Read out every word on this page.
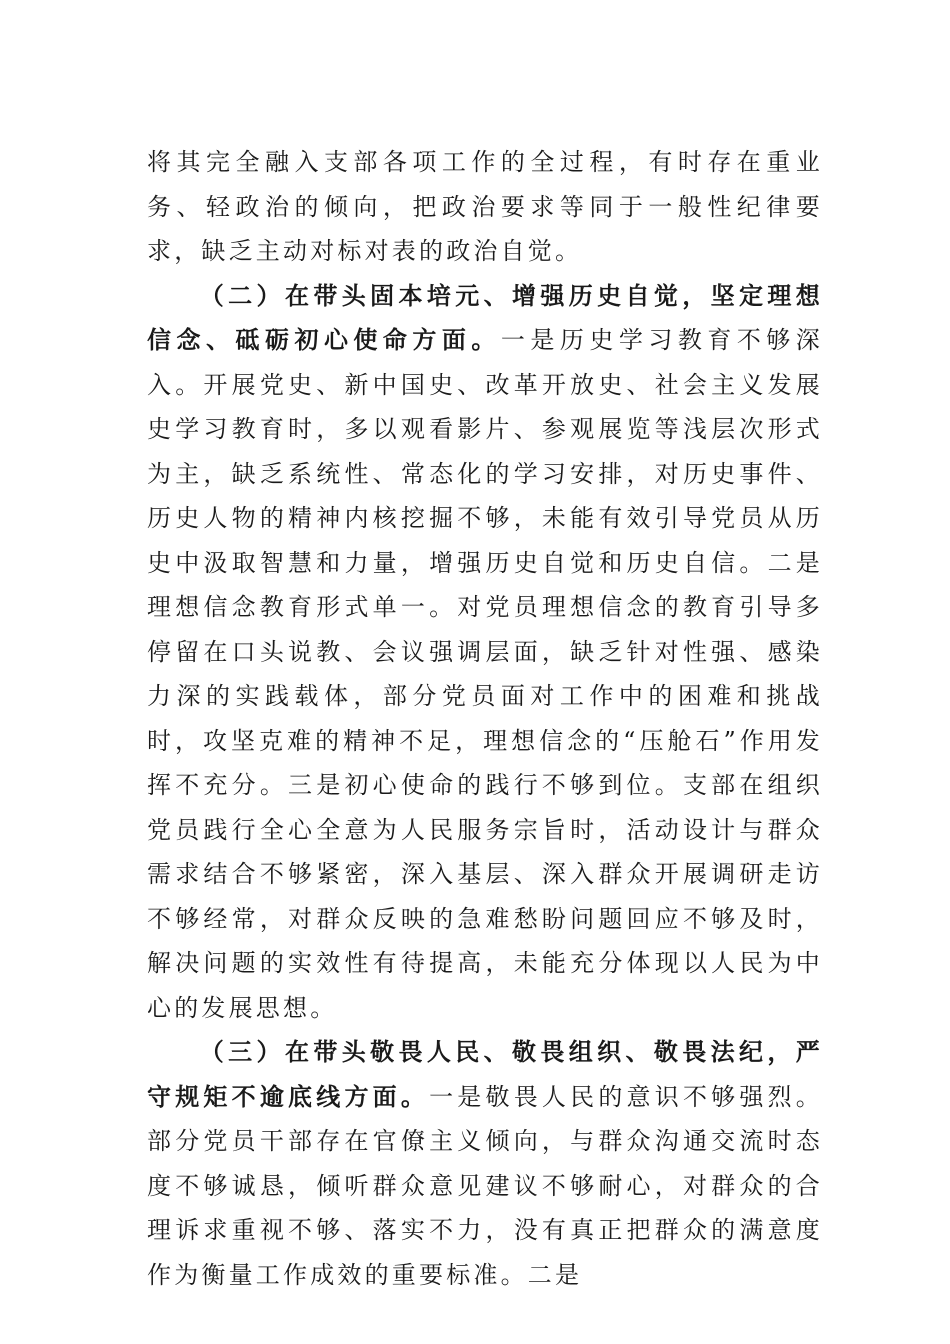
将其完全融入支部各项工作的全过程，有时存在重业务、轻政治的倾向，把政治要求等同于一般性纪律要求，缺乏主动对标对表的政治自觉。

（二）在带头固本培元、增强历史自觉，坚定理想信念、砥砺初心使命方面。一是历史学习教育不够深入。开展党史、新中国史、改革开放史、社会主义发展史学习教育时，多以观看影片、参观展览等浅层次形式为主，缺乏系统性、常态化的学习安排，对历史事件、历史人物的精神内核挖掘不够，未能有效引导党员从历史中汲取智慧和力量，增强历史自觉和历史自信。二是理想信念教育形式单一。对党员理想信念的教育引导多停留在口头说教、会议强调层面，缺乏针对性强、感染力深的实践载体，部分党员面对工作中的困难和挑战时，攻坚克难的精神不足，理想信念的“压舱石”作用发挥不充分。三是初心使命的践行不够到位。支部在组织党员践行全心全意为人民服务宗旨时，活动设计与群众需求结合不够紧密，深入基层、深入群众开展调研走访不够经常，对群众反映的急难愁盼问题回应不够及时，解决问题的实效性有待提高，未能充分体现以人民为中心的发展思想。

（三）在带头敬畏人民、敬畏组织、敬畏法纪，严守规矩不逾底线方面。一是敬畏人民的意识不够强烈。部分党员干部存在官僚主义倾向，与群众沟通交流时态度不够诚恳，倾听群众意见建议不够耐心，对群众的合理诉求重视不够、落实不力，没有真正把群众的满意度作为衡量工作成效的重要标准。二是
